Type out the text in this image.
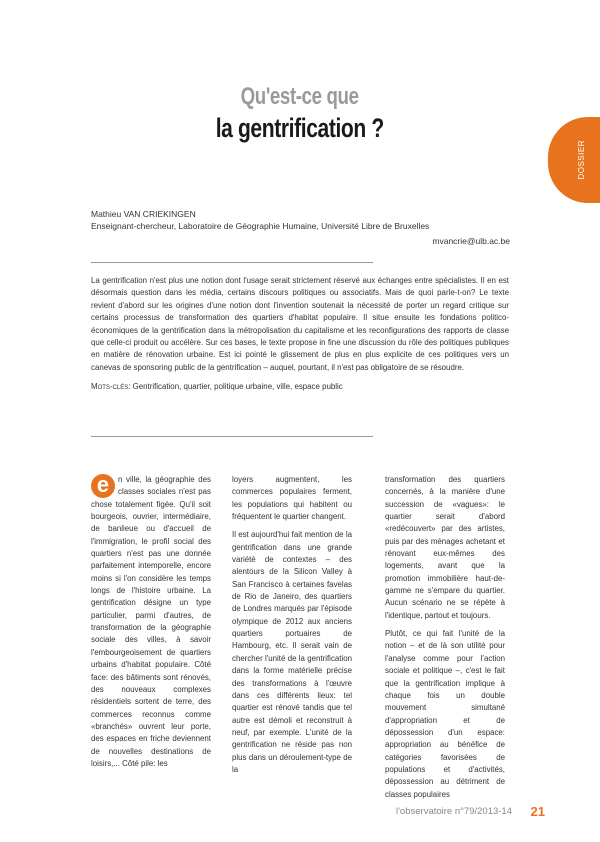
DOSSIER
Qu'est-ce que
la gentrification ?
Mathieu VAN CRIEKINGEN
Enseignant-chercheur, Laboratoire de Géographie Humaine, Université Libre de Bruxelles
mvancrie@ulb.ac.be

La gentrification n'est plus une notion dont l'usage serait strictement réservé aux échanges entre spécialistes. Il en est désormais question dans les média, certains discours politiques ou associatifs. Mais de quoi parle-t-on? Le texte revient d'abord sur les origines d'une notion dont l'invention soutenait la nécessité de porter un regard critique sur certains processus de transformation des quartiers d'habitat populaire. Il situe ensuite les fondations politico-économiques de la gentrification dans la métropolisation du capitalisme et les reconfigurations des rapports de classe que celle-ci produit ou accélère. Sur ces bases, le texte propose in fine une discussion du rôle des politiques publiques en matière de rénovation urbaine. Est ici pointé le glissement de plus en plus explicite de ces politiques vers un canevas de sponsoring public de la gentrification – auquel, pourtant, il n'est pas obligatoire de se résoudre.

Mots-clés: Gentrification, quartier, politique urbaine, ville, espace public

e	n ville, la géographie des classes sociales n'est pas chose totalement figée. Qu'il soit bourgeois, ouvrier, intermédiaire, de banlieue ou d'accueil de l'immigration, le profil social des quartiers n'est pas une donnée parfaitement intemporelle, encore moins si l'on considère les temps longs de l'histoire urbaine. La gentrification désigne un type particulier, parmi d'autres, de transformation de la géographie sociale des villes, à savoir l'embourgeoisement de quartiers urbains d'habitat populaire. Côté face: des bâtiments sont rénovés, des nouveaux complexes résidentiels sortent de terre, des commerces reconnus comme «branchés» ouvrent leur porte, des espaces en friche deviennent de nouvelles destinations de loisirs,... Côté pile: les

loyers augmentent, les commerces populaires ferment, les populations qui habitent ou fréquentent le quartier changent.

Il est aujourd'hui fait mention de la gentrification dans une grande variété de contextes – des alentours de la Silicon Valley à San Francisco à certaines favelas de Rio de Janeiro, des quartiers de Londres marqués par l'épisode olympique de 2012 aux anciens quartiers portuaires de Hambourg, etc. Il serait vain de chercher l'unité de la gentrification dans la forme matérielle précise des transformations à l'œuvre dans ces différents lieux: tel quartier est rénové tandis que tel autre est démoli et reconstruit à neuf, par exemple. L'unité de la gentrification ne réside pas non plus dans un déroulement-type de la

transformation des quartiers concernés, à la manière d'une succession de «vagues»: le quartier serait d'abord «redécouvert» par des artistes, puis par des ménages achetant et rénovant eux-mêmes des logements, avant que la promotion immobilière haut-de-gamme ne s'empare du quartier. Aucun scénario ne se répète à l'identique, partout et toujours.

Plutôt, ce qui fait l'unité de la notion – et de là son utilité pour l'analyse comme pour l'action sociale et politique –, c'est le fait que la gentrification implique à chaque fois un double mouvement simultané d'appropriation et de dépossession d'un espace: appropriation au bénéfice de catégories favorisées de populations et d'activités, dépossession au détriment de classes populaires

l'observatoire n°79/2013-14 21
